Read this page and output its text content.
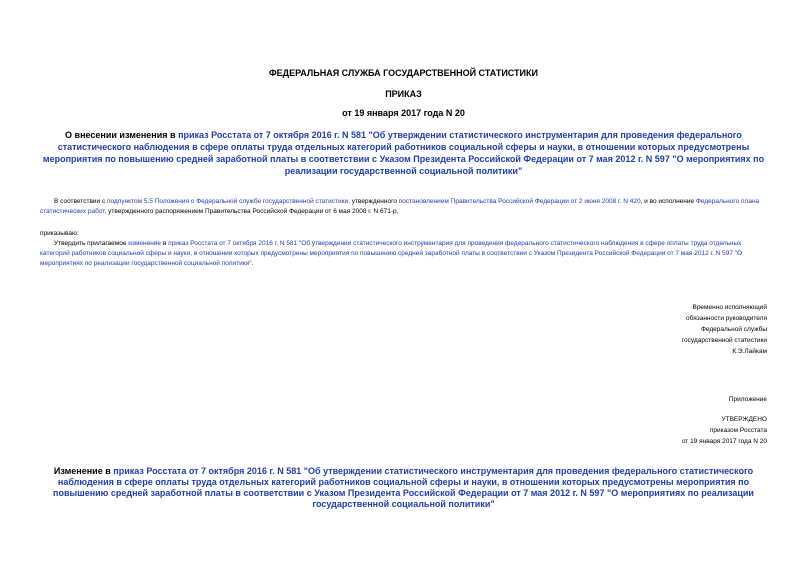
ФЕДЕРАЛЬНАЯ СЛУЖБА ГОСУДАРСТВЕННОЙ СТАТИСТИКИ
ПРИКАЗ
от 19 января 2017 года N 20
О внесении изменения в приказ Росстата от 7 октября 2016 г. N 581 "Об утверждении статистического инструментария для проведения федерального статистического наблюдения в сфере оплаты труда отдельных категорий работников социальной сферы и науки, в отношении которых предусмотрены мероприятия по повышению средней заработной платы в соответствии с Указом Президента Российской Федерации от 7 мая 2012 г. N 597 "О мероприятиях по реализации государственной социальной политики"
В соответствии с подпунктом 5.5 Положения о Федеральной службе государственной статистики, утвержденного постановлением Правительства Российской Федерации от 2 июня 2008 г. N 420, и во исполнение Федерального плана статистических работ, утвержденного распоряжением Правительства Российской Федерации от 6 мая 2008 г. N 671-р,
приказываю:
Утвердить прилагаемое изменение в приказ Росстата от 7 октября 2016 г. N 581 "Об утверждении статистического инструментария для проведения федерального статистического наблюдения в сфере оплаты труда отдельных категорий работников социальной сферы и науки, в отношении которых предусмотрены мероприятия по повышению средней заработной платы в соответствии с Указом Президента Российской Федерации от 7 мая 2012 г. N 597 "О мероприятиях по реализации государственной социальной политики".
Временно исполняющий
обязанности руководителя
Федеральной службы
государственной статистики
К.Э.Лайкам
Приложение
УТВЕРЖДЕНО
приказом Росстата
от 19 января 2017 года N 20
Изменение в приказ Росстата от 7 октября 2016 г. N 581 "Об утверждении статистического инструментария для проведения федерального статистического наблюдения в сфере оплаты труда отдельных категорий работников социальной сферы и науки, в отношении которых предусмотрены мероприятия по повышению средней заработной платы в соответствии с Указом Президента Российской Федерации от 7 мая 2012 г. N 597 "О мероприятиях по реализации государственной социальной политики"
